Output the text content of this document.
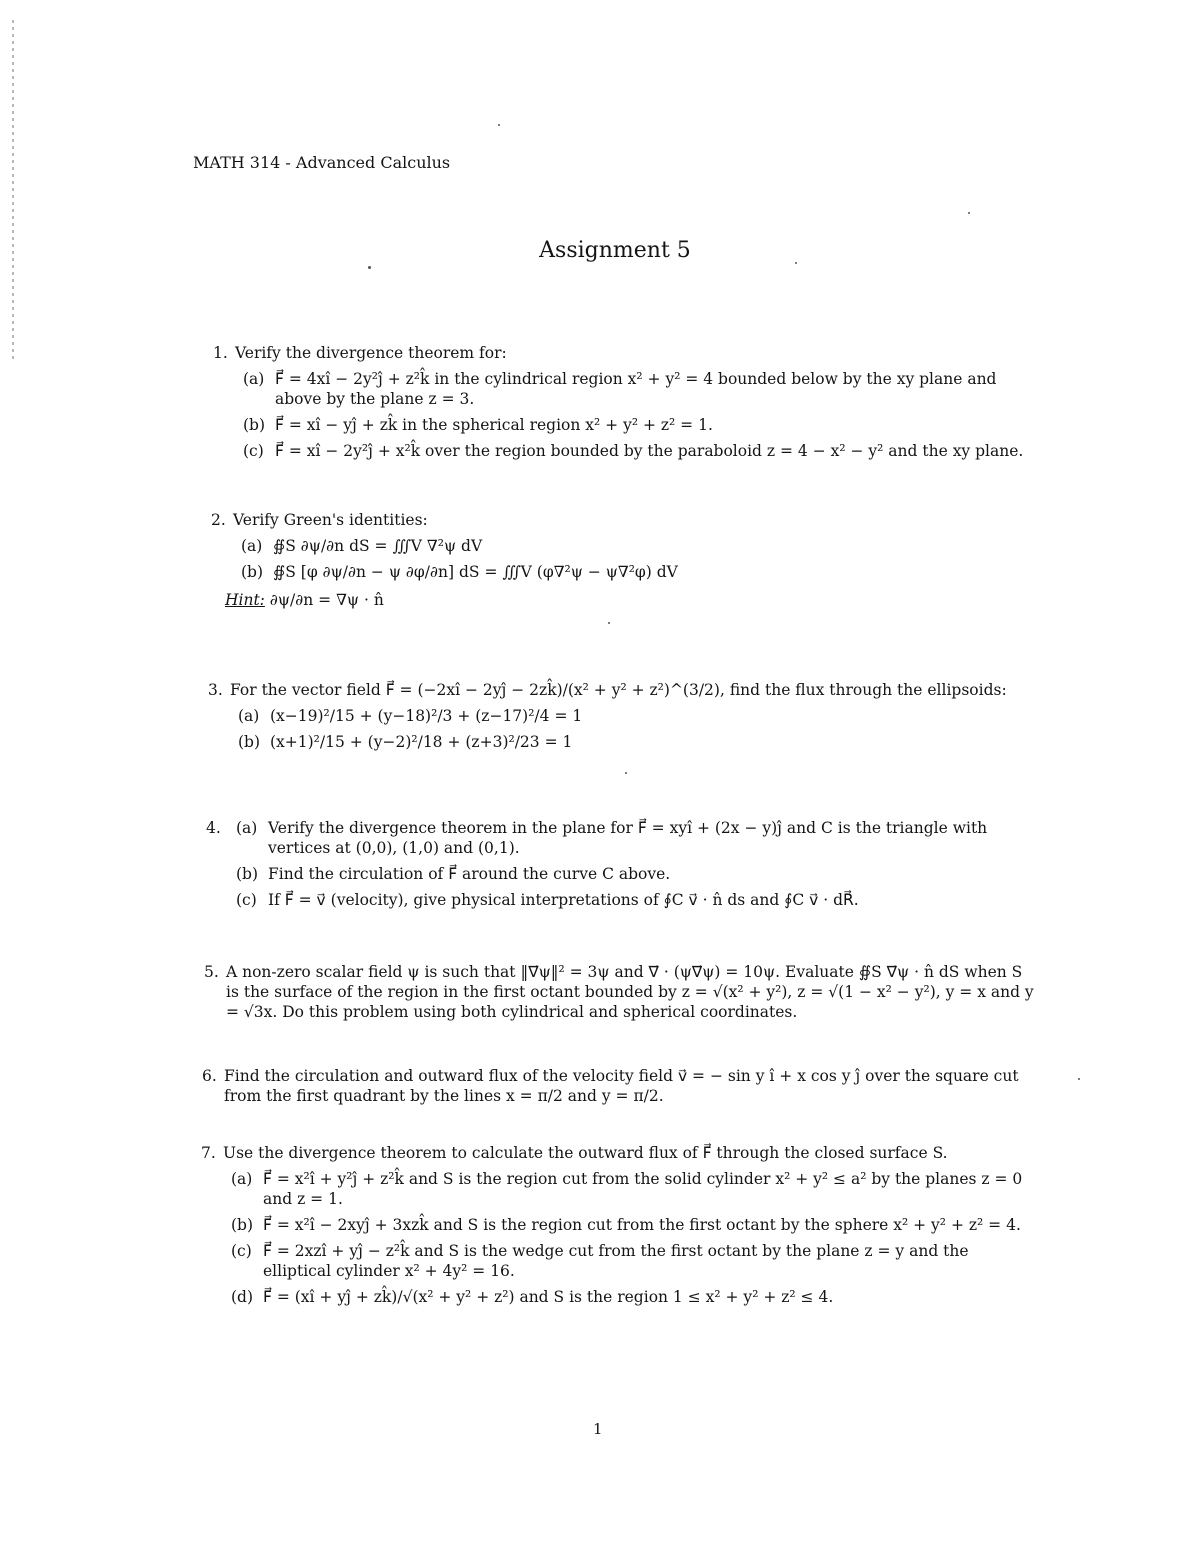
MATH 314 - Advanced Calculus
Assignment 5
1. Verify the divergence theorem for:
(a) F⃗ = 4xî − 2y²ĵ + z²k̂ in the cylindrical region x² + y² = 4 bounded below by the xy plane and above by the plane z = 3.
(b) F⃗ = xî − yĵ + zk̂ in the spherical region x² + y² + z² = 1.
(c) F⃗ = xî − 2y²ĵ + x²k̂ over the region bounded by the paraboloid z = 4 − x² − y² and the xy plane.
2. Verify Green's identities:
(a) ∯S ∂ψ/∂n dS = ∭V ∇²ψ dV
(b) ∯S [φ ∂ψ/∂n − ψ ∂φ/∂n] dS = ∭V (φ∇²ψ − ψ∇²φ) dV
Hint: ∂ψ/∂n = ∇ψ · n̂
3. For the vector field F⃗ = (−2xî − 2yĵ − 2zk̂)/(x² + y² + z²)^(3/2), find the flux through the ellipsoids:
(a) (x−19)²/15 + (y−18)²/3 + (z−17)²/4 = 1
(b) (x+1)²/15 + (y−2)²/18 + (z+3)²/23 = 1
4. (a) Verify the divergence theorem in the plane for F⃗ = xyî + (2x − y)ĵ and C is the triangle with vertices at (0,0), (1,0) and (0,1).
(b) Find the circulation of F⃗ around the curve C above.
(c) If F⃗ = v⃗ (velocity), give physical interpretations of ∮C v⃗ · n̂ ds and ∮C v⃗ · dR⃗.
5. A non-zero scalar field ψ is such that ‖∇⃗ψ‖² = 3ψ and ∇⃗ · (ψ∇⃗ψ) = 10ψ. Evaluate ∯S ∇⃗ψ · n̂ dS when S is the surface of the region in the first octant bounded by z = √(x² + y²), z = √(1 − x² − y²), y = x and y = √3x. Do this problem using both cylindrical and spherical coordinates.
6. Find the circulation and outward flux of the velocity field v⃗ = − sin y î + x cos y ĵ over the square cut from the first quadrant by the lines x = π/2 and y = π/2.
7. Use the divergence theorem to calculate the outward flux of F⃗ through the closed surface S.
(a) F⃗ = x²î + y²ĵ + z²k̂ and S is the region cut from the solid cylinder x² + y² ≤ a² by the planes z = 0 and z = 1.
(b) F⃗ = x²î − 2xyĵ + 3xzk̂ and S is the region cut from the first octant by the sphere x² + y² + z² = 4.
(c) F⃗ = 2xzî + yĵ − z²k̂ and S is the wedge cut from the first octant by the plane z = y and the elliptical cylinder x² + 4y² = 16.
(d) F⃗ = (xî + yĵ + zk̂)/√(x² + y² + z²) and S is the region 1 ≤ x² + y² + z² ≤ 4.
1
